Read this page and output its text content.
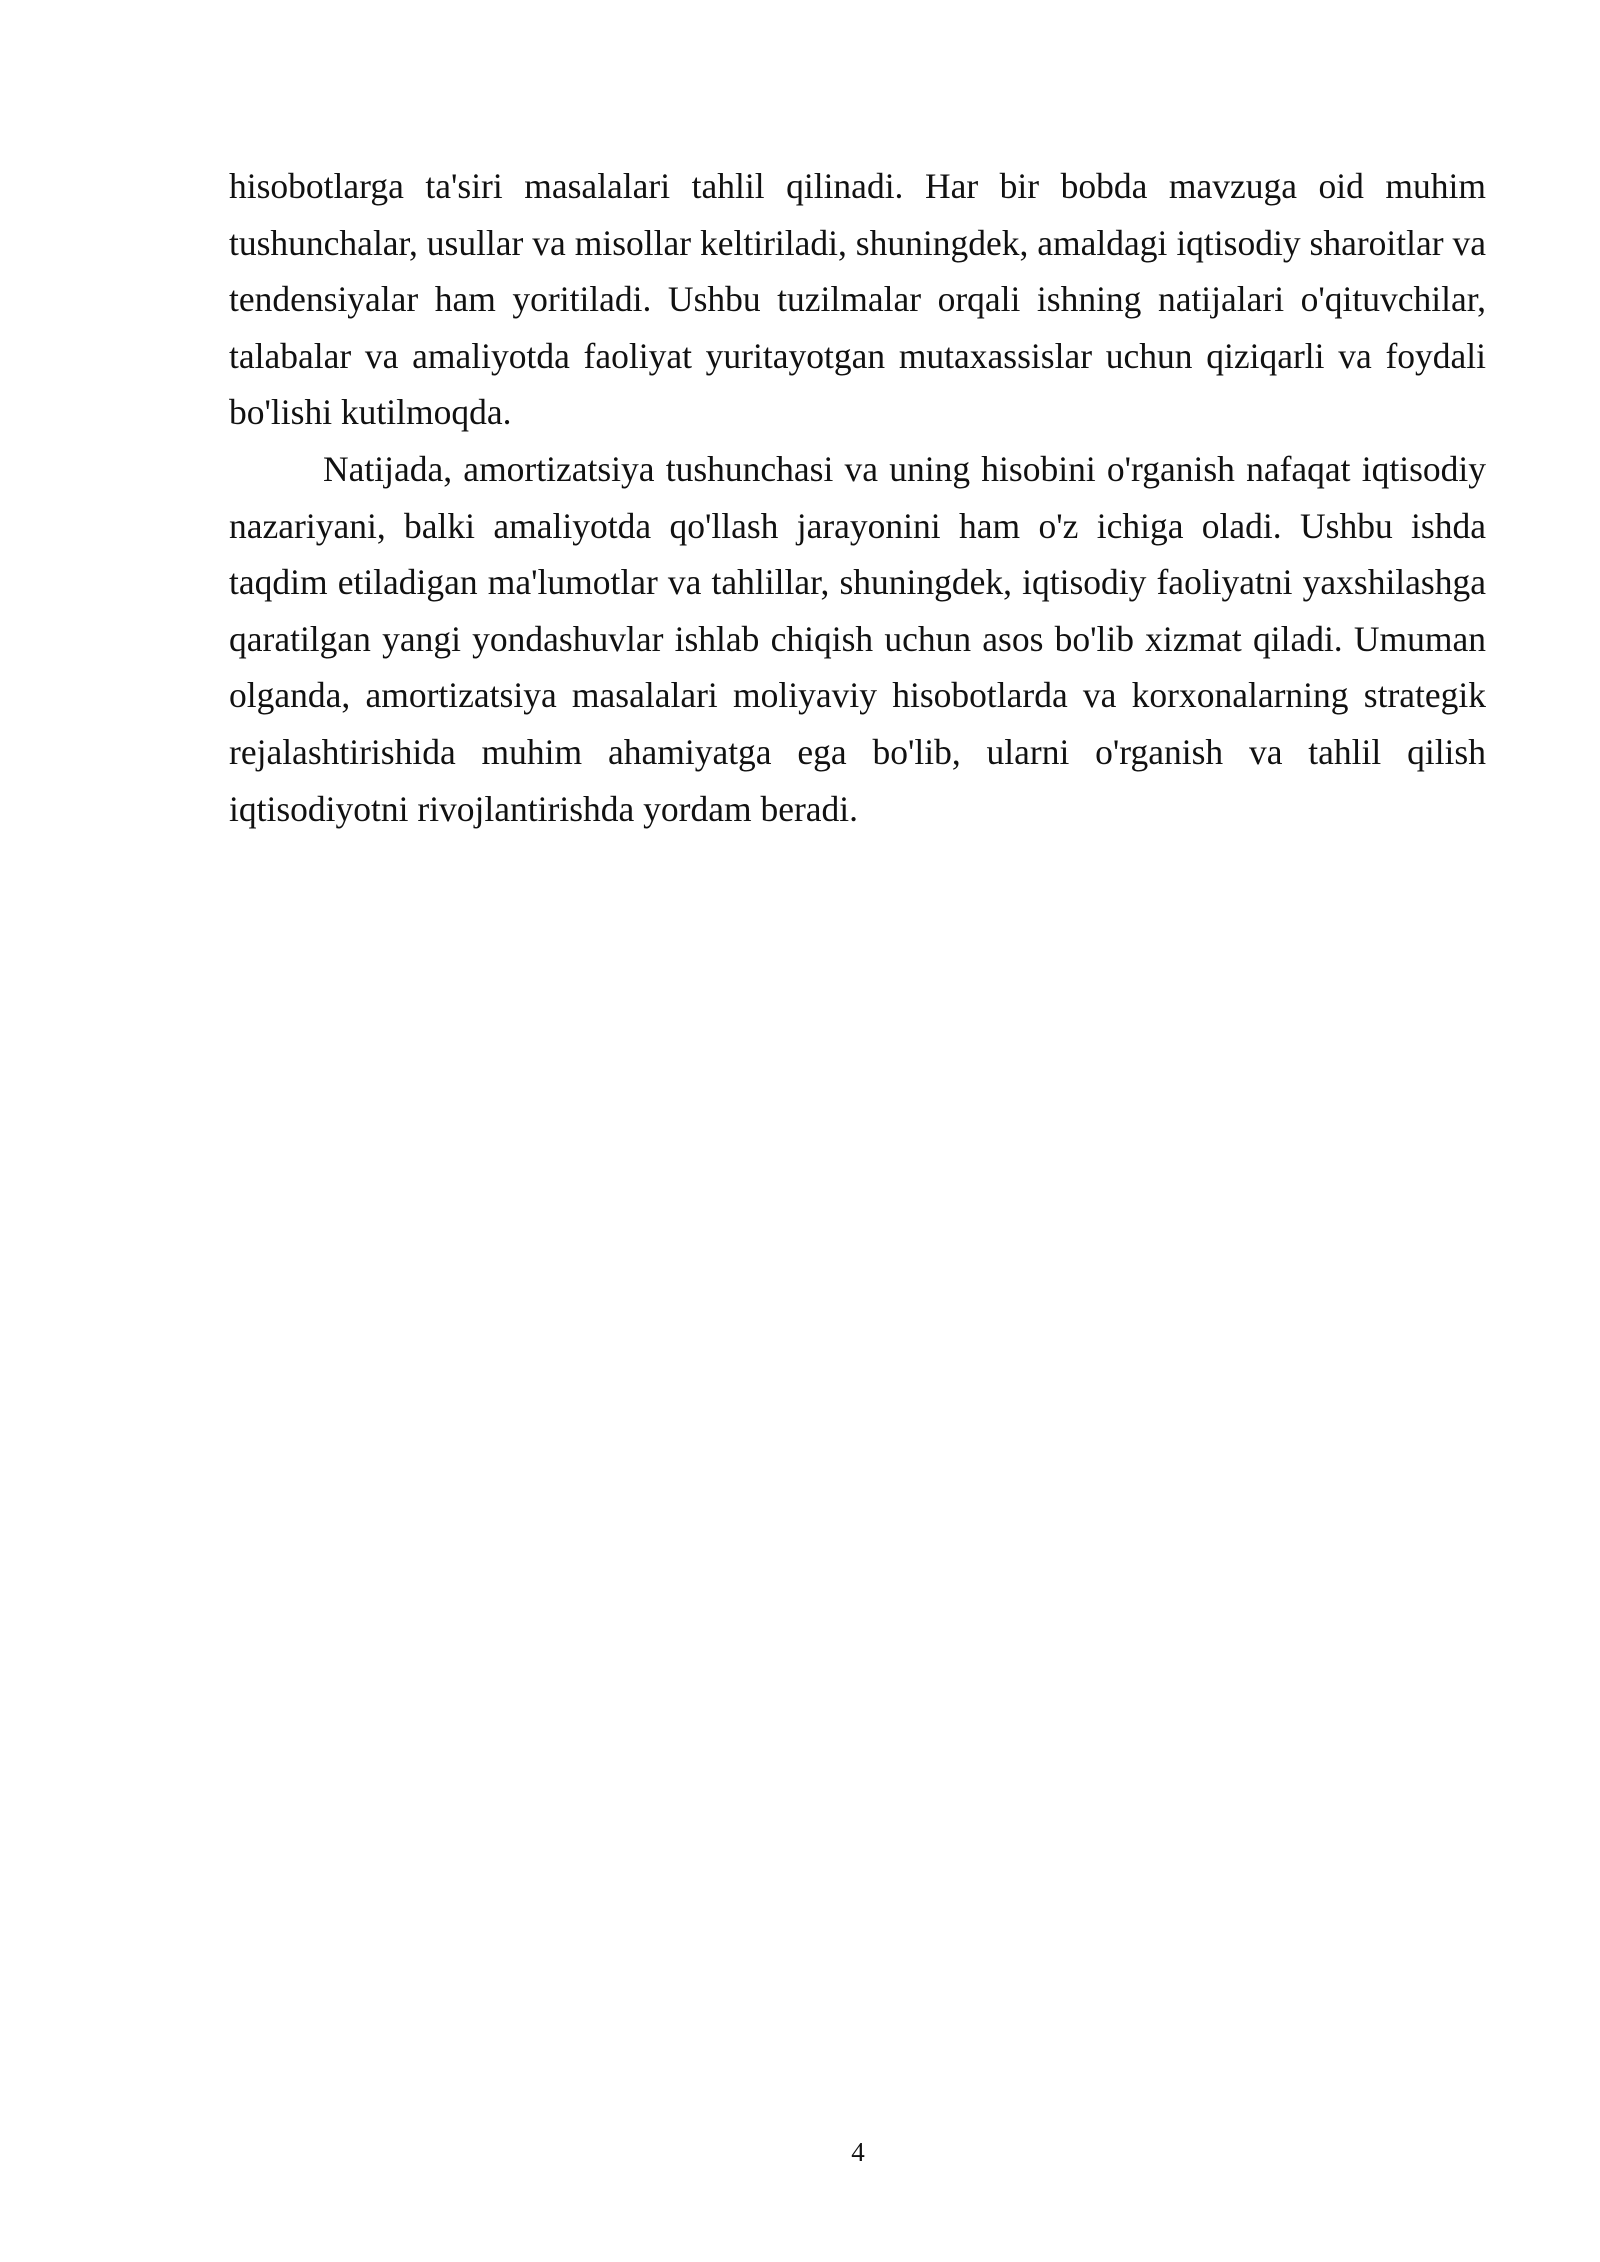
hisobotlarga ta'siri masalalari tahlil qilinadi. Har bir bobda mavzuga oid muhim tushunchalar, usullar va misollar keltiriladi, shuningdek, amaldagi iqtisodiy sharoitlar va tendensiyalar ham yoritiladi. Ushbu tuzilmalar orqali ishning natijalari o'qituvchilar, talabalar va amaliyotda faoliyat yuritayotgan mutaxassislar uchun qiziqarli va foydali bo'lishi kutilmoqda.

Natijada, amortizatsiya tushunchasi va uning hisobini o'rganish nafaqat iqtisodiy nazariyani, balki amaliyotda qo'llash jarayonini ham o'z ichiga oladi. Ushbu ishda taqdim etiladigan ma'lumotlar va tahlillar, shuningdek, iqtisodiy faoliyatni yaxshilashga qaratilgan yangi yondashuvlar ishlab chiqish uchun asos bo'lib xizmat qiladi. Umuman olganda, amortizatsiya masalalari moliyaviy hisobotlarda va korxonalarning strategik rejalashtirishida muhim ahamiyatga ega bo'lib, ularni o'rganish va tahlil qilish iqtisodiyotni rivojlantirishda yordam beradi.

4
